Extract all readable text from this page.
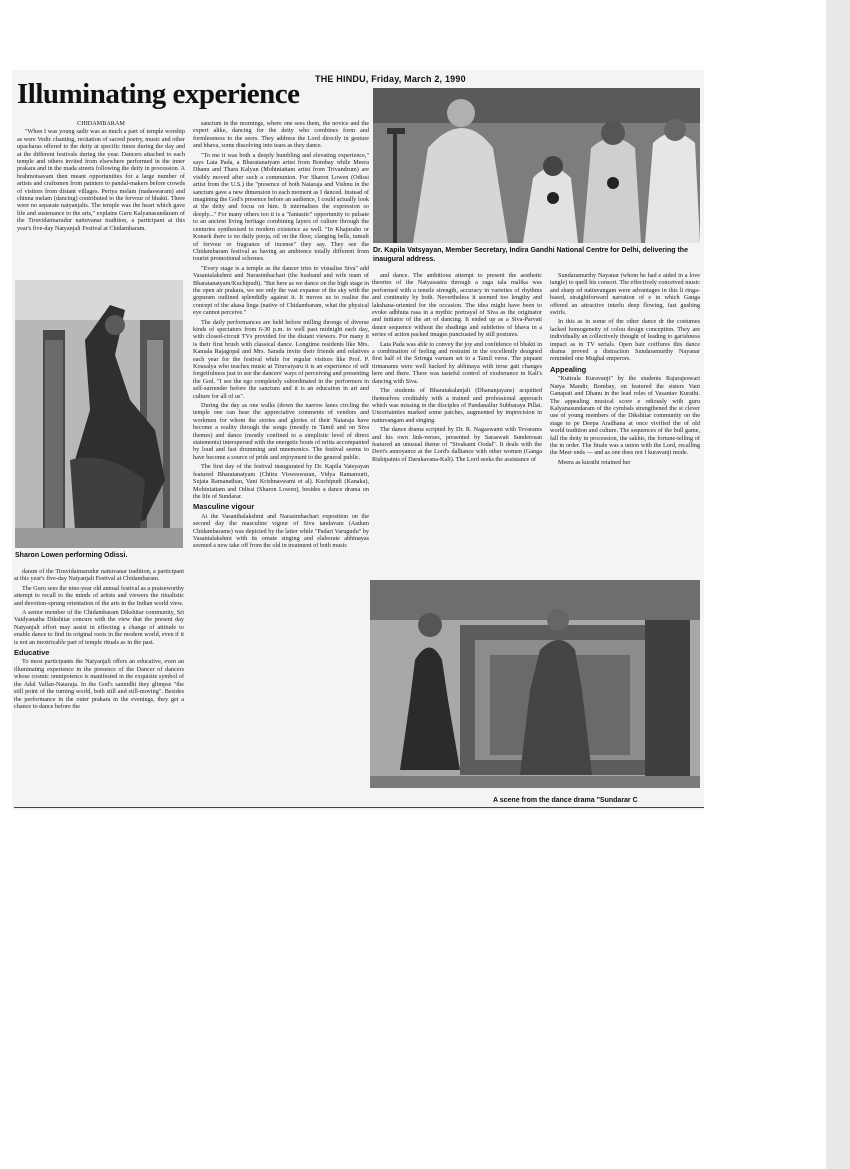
THE HINDU, Friday, March 2, 1990
Illuminating experience

CHIDAMBARAM

"When I was young sadir was as much a part of temple worship as were Vedic chanting, recitation of sacred poetry, music and other upacharas offered to the deity at specific times during the day and at the different festivals during the year. Dancers attached to each temple and others invited from elsewhere performed in the inner prakara and in the mada streets following the deity in procession. A brahmotsavam then meant opportunities for a large number of artists and craftsmen from painters to pandal-makers before crowds of visitors from distant villages. Periya melam (nadaswaram) and chinna melam (dancing) contributed to the fervour of bhakti. There were no separate natyanjalis. The temple was the heart which gave life and sustenance to the arts," explains Guru Kalyanasundaram of the Tiruvidaimarudur nattuvanar tradition, a participant at this year's five-day Natyanjali Festival at Chidambaram.

Sharon Lowen performing Odissi.

daram of the Tiruvidaimarudur nattuvanar tradition, a participant at this year's five-day Natyanjali Festival at Chidambaram.

The Guru sees the nine-year old annual festival as a praiseworthy attempt to recall to the minds of artists and viewers the ritualistic and devotion-sprung orientation of the arts in the Indian world view.

A senior member of the Chidambaram Dikshitar community, Sri Vaidyanatha Dikshitar concurs with the view that the present day Natyanjali effort may assist in effecting a change of attitude to enable dance to find its original roots in the modern world, even if it is not an inextricable part of temple rituals as in the past.

Educative

To most participants the Natyanjali offers an educative, even an illuminating experience in the presence of the Dancer of dancers whose cosmic omnipotence is manifested in the exquisite symbol of the Adal Vallan-Nataraja. In the God's sannidhi they glimpse "the still point of the turning world, both still and still-moving". Besides the performance in the outer prakara in the evenings, they get a chance to dance before the

sanctum in the mornings, where one sees them, the novice and the expert alike, dancing for the deity who combines form and formlessness to the seers. They address the Lord directly in gesture and bhava, some dissolving into tears as they dance.

"To me it was both a deeply humbling and elevating experience," says Lata Pada, a Bharatanatyam artist from Bombay while Meera Dhanu and Thara Kalyan (Mohiniattam artist from Trivandrum) are visibly moved after such a communion. For Sharon Lowen (Odissi artist from the U.S.) the "presence of both Nataraja and Vishnu in the sanctum gave a new dimension to each moment as I danced. Instead of imagining the God's presence before an audience, I could actually look at the deity and focus on him. It internalises the expression so deeply..." For many others too it is a "fantastic" opportunity to pulsate to an ancient living heritage combining layers of culture through the centuries synthesised to modern existence as well. "In Khajuraho or Konark there is no daily pooja, oil on the floor, clanging bells, tumult of fervour or fragrance of incense" they say. They see the Chidambaram festival as having an ambience totally different from tourist promotional schemes.

"Every stage is a temple as the dancer tries to visualise Siva" add Vasantalakshmi and Narasimhachari (the husband and wife team of Bharatanatyam/Kuchipudi). "But here as we dance on the high stage in the open air prakara, we see only the vast expanse of the sky with the gopuram outlined splendidly against it. It moves us to realise the concept of the akasa linga (native of Chidambaram, what the physical eye cannot perceive."

The daily performances are held before milling throngs of diverse kinds of spectators from 6-30 p.m. to well past midnight each day, with closed-circuit TVs provided for the distant viewers. For many it is their first brush with classical dance. Longtime residents like Mrs. Kamala Rajagopal and Mrs. Sarada invite their friends and relatives each year for the festival while for regular visitors like Prof. P. Kousalya who teaches music at Tiruvaiyaru it is an experience of self forgetfulness just to see the dancers' ways of perceiving and presenting the God. "I see the ego completely subordinated in the performers in self-surrender before the sanctum and it is an education in art and culture for all of us".

During the day as one walks (down the narrow lanes circling the temple one can hear the appreciative comments of vendors and workmen for whom the stories and glories of their Nataraja have become a reality through the songs (mostly in Tamil and on Siva themes) and dance (mostly confined to a simplistic level of direct statements) interspersed with the energetic bouts of nritta accompanied by loud and fast drumming and mnemonics. The festival seems to have become a source of pride and enjoyment to the general public.

The first day of the festival inaugurated by Dr. Kapila Vatsyayan featured Bharatanatyam (Chitra Visweswaran, Vidya Ramamurti, Sujata Ramanathan, Vani Krishnaswami et al). Kuchipudi (Kanaka), Mohiniattam and Odissi (Sharon Lowen), besides a dance drama on the life of Sundarar.

Masculine vigour

At the Vasanthalakshmi and Narasimhachari exposition on the second day the masculine vigour of Siva tandavam (Aadum Chidambarame) was depicted by the latter while "Padari Varugudu" by Vasantalakshmi with its ornate singing and elaborate abhinayas seemed a new take off from the old in treatment of both music

Dr. Kapila Vatsyayan, Member Secretary, Indira Gandhi National Centre for Delhi, delivering the inaugural address.

and dance. The ambitious attempt to present the aesthetic theories of the Natyasastra through a raga tala malika was performed with a tensile strength, accuracy in varieties of rhythms and continuity by both. Nevertheless it seemed too lengthy and lakshana-oriented for the occasion. The idea might have been to evoke adbhuta rasa in a mythic portrayal of Siva as the originator and initiator of the art of dancing. It ended up as a Siva-Parvati dance sequence without the shadings and subtleties of bhava in a series of action packed images punctuated by still postures.

Lata Pada was able to convey the joy and confidence of bhakti in a combination of feeling and restraint in the excellently designed first half of the Srirnga varnam set to a Tamil verse. The piquant tirmanams were well backed by abhinaya with terse gati changes here and there. There was tasteful control of exuberance in Kali's dancing with Siva.

The students of Bharatakalanjali (Dhananjayans) acquitted themselves creditably with a trained and professional approach which was missing in the disciples of Pandanallur Subbaraya Pillai. Uncertainties marked some patches, augmented by imprecision in nattuvangam and singing.

The dance drama scripted by Dr. R. Nagaswami with Tevarams and his own link-verses, presented by Saraswati Sunderesan featured an unusual theme of "Sivakami Oodal". It deals with the Devi's annoyance at the Lord's dalliance with other women (Ganga Rishipatnis of Darukavana-Kali). The Lord seeks the assistance of

Sundaramurthy Nayanar (whom he had e aided in a love tangle) to quell his consort. The effectively conceived music and sharp ed nattuvangam were advantages in this li ringa-based, straightforward narration of e in which Ganga offered an attractive interlu deep flowing, fast gushing swirls.

In this as in some of the other dance dr the costumes lacked homogeneity of colou design conception. They are individually an collectively thought of leading to garishness impact as in TV serials. Open hair coiffures this dance drama proved a distraction Sundaramurthy Nayanar reminded one Mughal emperors.

Appealing

"Kuttrala Kuravanji" by the students Rajarajeswari Natya Mandir, Bombay, on featured the sisters Vani Ganapati and Dhanu in the lead roles of Vasantav Kurathi. The appealing musical score e odiously with guru Kalyanasundaram of the cymbals strengthened the st clever use of young members of the Dikshitar community on the stage to pe Deepa Aradhana at once vivified the of old world tradition and culture. The sequences of the bull game, fall the deity in procession, the sakhis, the fortune-telling of the in order. The finale was a union with the Lord, recalling the Meer ends — and as one does not f kuravanji mode.

Meera as kurathi retained her

A scene from the dance drama "Sundarar C
